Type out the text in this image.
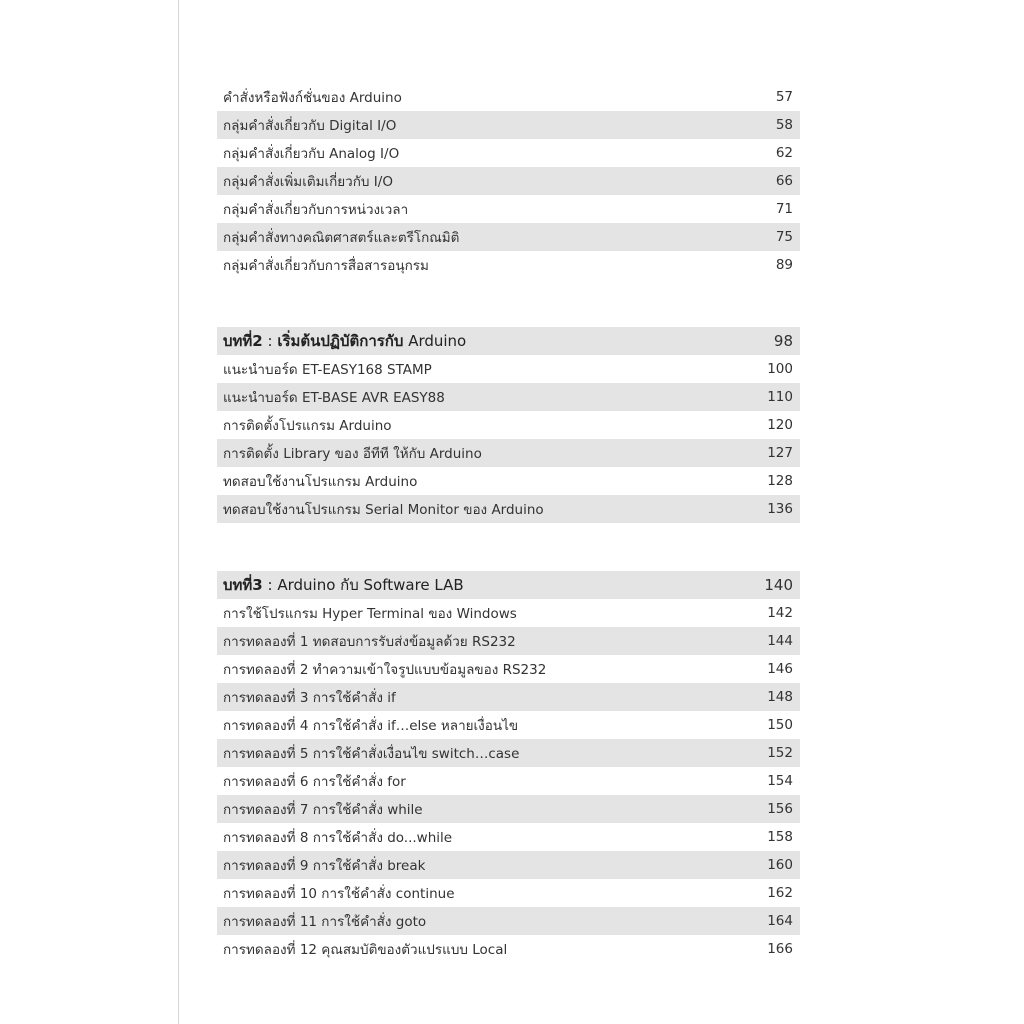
คำสั่งหรือฟังก์ชั่นของ Arduino	57
กลุ่มคำสั่งเกี่ยวกับ Digital I/O	58
กลุ่มคำสั่งเกี่ยวกับ Analog I/O	62
กลุ่มคำสั่งเพิ่มเติมเกี่ยวกับ I/O	66
กลุ่มคำสั่งเกี่ยวกับการหน่วงเวลา	71
กลุ่มคำสั่งทางคณิตศาสตร์และตรีโกณมิติ	75
กลุ่มคำสั่งเกี่ยวกับการสื่อสารอนุกรม	89
บทที่2 : เริ่มต้นปฏิบัติการกับ Arduino	98
แนะนำบอร์ด ET-EASY168 STAMP	100
แนะนำบอร์ด ET-BASE AVR EASY88	110
การติดตั้งโปรแกรม Arduino	120
การติดตั้ง Library ของ อีทีที ให้กับ Arduino	127
ทดสอบใช้งานโปรแกรม Arduino	128
ทดสอบใช้งานโปรแกรม Serial Monitor ของ Arduino	136
บทที่3 : Arduino กับ Software LAB	140
การใช้โปรแกรม Hyper Terminal ของ Windows	142
การทดลองที่ 1 ทดสอบการรับส่งข้อมูลด้วย RS232	144
การทดลองที่ 2 ทำความเข้าใจรูปแบบข้อมูลของ RS232	146
การทดลองที่ 3 การใช้คำสั่ง if	148
การทดลองที่ 4 การใช้คำสั่ง if…else หลายเงื่อนไข	150
การทดลองที่ 5 การใช้คำสั่งเงื่อนไข switch…case	152
การทดลองที่ 6 การใช้คำสั่ง for	154
การทดลองที่ 7 การใช้คำสั่ง while	156
การทดลองที่ 8 การใช้คำสั่ง do...while	158
การทดลองที่ 9 การใช้คำสั่ง break	160
การทดลองที่ 10 การใช้คำสั่ง continue	162
การทดลองที่ 11 การใช้คำสั่ง goto	164
การทดลองที่ 12 คุณสมบัติของตัวแปรแบบ Local	166
